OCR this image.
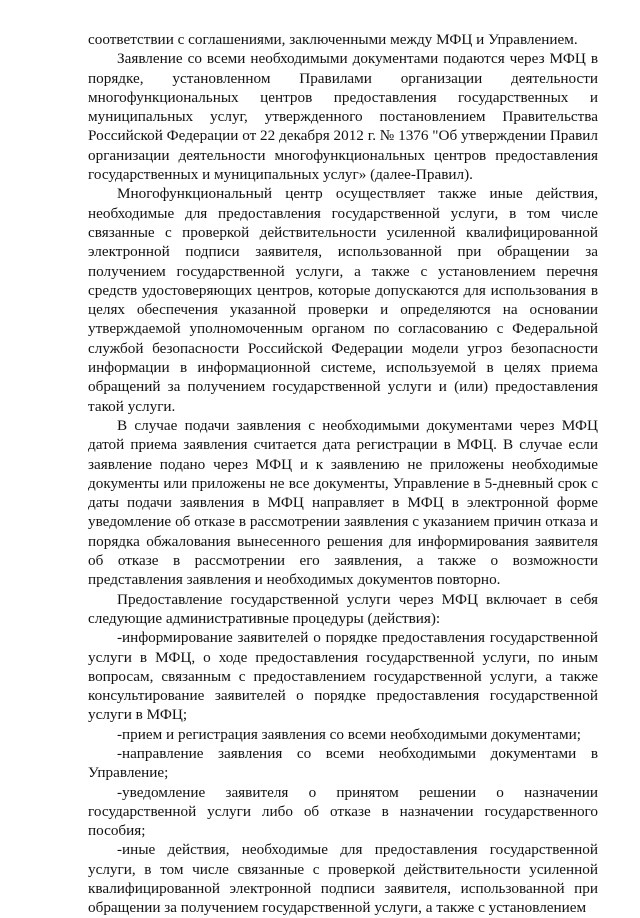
соответствии с соглашениями, заключенными между МФЦ и Управлением.

Заявление со всеми необходимыми документами подаются через МФЦ в порядке, установленном Правилами организации деятельности многофункциональных центров предоставления государственных и муниципальных услуг, утвержденного постановлением Правительства Российской Федерации от 22 декабря 2012 г. № 1376 "Об утверждении Правил организации деятельности многофункциональных центров предоставления государственных и муниципальных услуг» (далее-Правил).

Многофункциональный центр осуществляет также иные действия, необходимые для предоставления государственной услуги, в том числе связанные с проверкой действительности усиленной квалифицированной электронной подписи заявителя, использованной при обращении за получением государственной услуги, а также с установлением перечня средств удостоверяющих центров, которые допускаются для использования в целях обеспечения указанной проверки и определяются на основании утверждаемой уполномоченным органом по согласованию с Федеральной службой безопасности Российской Федерации модели угроз безопасности информации в информационной системе, используемой в целях приема обращений за получением государственной услуги и (или) предоставления такой услуги.

В случае подачи заявления с необходимыми документами через МФЦ датой приема заявления считается дата регистрации в МФЦ. В случае если заявление подано через МФЦ и к заявлению не приложены необходимые документы или приложены не все документы, Управление в 5-дневный срок с даты подачи заявления в МФЦ направляет в МФЦ в электронной форме уведомление об отказе в рассмотрении заявления с указанием причин отказа и порядка обжалования вынесенного решения для информирования заявителя об отказе в рассмотрении его заявления, а также о возможности представления заявления и необходимых документов повторно.

Предоставление государственной услуги через МФЦ включает в себя следующие административные процедуры (действия):

-информирование заявителей о порядке предоставления государственной услуги в МФЦ, о ходе предоставления государственной услуги, по иным вопросам, связанным с предоставлением государственной услуги, а также консультирование заявителей о порядке предоставления государственной услуги в МФЦ;

-прием и регистрация заявления со всеми необходимыми документами;

-направление заявления со всеми необходимыми документами в Управление;

-уведомление заявителя о принятом решении о назначении государственной услуги либо об отказе в назначении государственного пособия;

-иные действия, необходимые для предоставления государственной услуги, в том числе связанные с проверкой действительности усиленной квалифицированной электронной подписи заявителя, использованной при обращении за получением государственной услуги, а также с установлением
